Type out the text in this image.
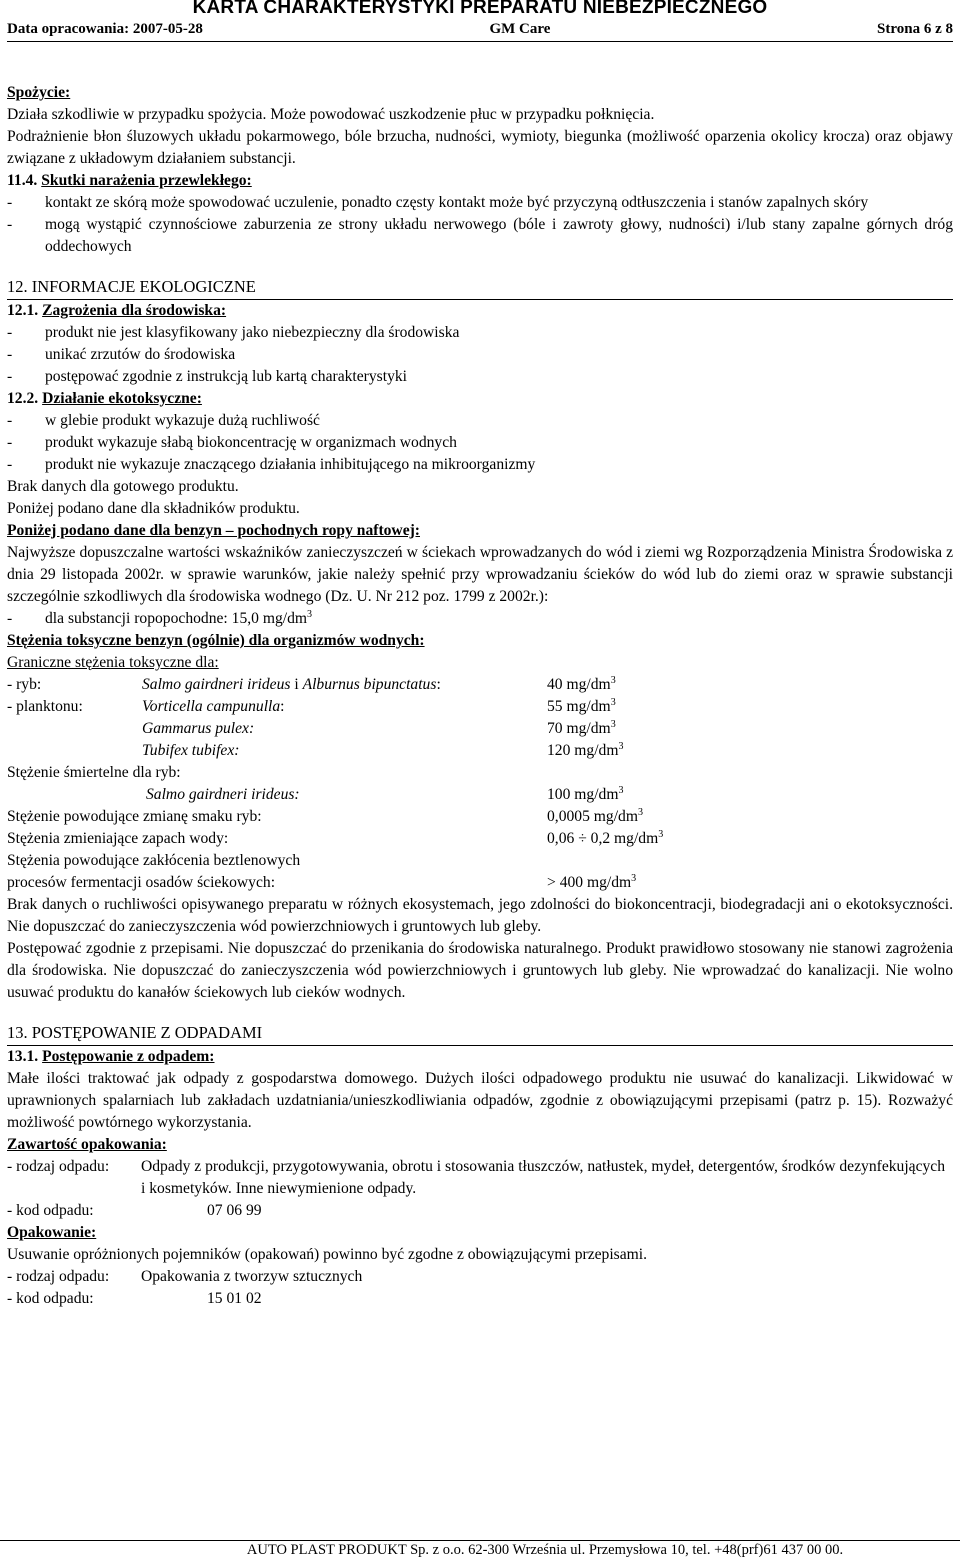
KARTA CHARAKTERYSTYKI PREPARATU NIEBEZPIECZNEGO
Data opracowania: 2007-05-28	GM Care	Strona 6 z 8

Spożycie:

Działa szkodliwie w przypadku spożycia. Może powodować uszkodzenie płuc w przypadku połknięcia.

Podrażnienie błon śluzowych układu pokarmowego, bóle brzucha, nudności, wymioty, biegunka (możliwość oparzenia okolicy krocza) oraz objawy związane z układowym działaniem substancji.

11.4. Skutki narażenia przewlekłego:

-	kontakt ze skórą może spowodować uczulenie, ponadto częsty kontakt może być przyczyną odtłuszczenia i stanów zapalnych skóry
-	mogą wystąpić czynnościowe zaburzenia ze strony układu nerwowego (bóle i zawroty głowy, nudności) i/lub stany zapalne górnych dróg oddechowych
12. INFORMACJE EKOLOGICZNE

12.1. Zagrożenia dla środowiska:

-	produkt nie jest klasyfikowany jako niebezpieczny dla środowiska
-	unikać zrzutów do środowiska
-	postępować zgodnie z instrukcją lub kartą charakterystyki

12.2. Działanie ekotoksyczne:

-	w glebie produkt wykazuje dużą ruchliwość
-	produkt wykazuje słabą biokoncentrację w organizmach wodnych
-	produkt nie wykazuje znaczącego działania inhibitującego na mikroorganizmy

Brak danych dla gotowego produktu.

Poniżej podano dane dla składników produktu.

Poniżej podano dane dla benzyn – pochodnych ropy naftowej:

Najwyższe dopuszczalne wartości wskaźników zanieczyszczeń w ściekach wprowadzanych do wód i ziemi wg Rozporządzenia Ministra Środowiska z dnia 29 listopada 2002r. w sprawie warunków, jakie należy spełnić przy wprowadzaniu ścieków do wód lub do ziemi oraz w sprawie substancji szczególnie szkodliwych dla środowiska wodnego (Dz. U. Nr 212 poz. 1799 z 2002r.):

-	dla substancji ropopochodne: 15,0 $mg/dm^3$

Stężenia toksyczne benzyn (ogólnie) dla organizmów wodnych:

Graniczne stężenia toksyczne dla:

- ryb:	Salmo gairdneri irideus i Alburnus bipunctatus:	40 $mg/dm^3$
- planktonu:	Vorticella campunulla:	55 $mg/dm^3$
Gammarus pulex:	70 $mg/dm^3$
Tubifex tubifex:	120 $mg/dm^3$

Stężenie śmiertelne dla ryb:

Salmo gairdneri irideus:	100 $mg/dm^3$
Stężenie powodujące zmianę smaku ryb:	0,0005 $mg/dm^3$
Stężenia zmieniające zapach wody:	0,06 ÷ 0,2 $mg/dm^3$

Stężenia powodujące zakłócenia beztlenowych

procesów fermentacji osadów ściekowych:	> 400 $mg/dm^3$

Brak danych o ruchliwości opisywanego preparatu w różnych ekosystemach, jego zdolności do biokoncentracji, biodegradacji ani o ekotoksyczności. Nie dopuszczać do zanieczyszczenia wód powierzchniowych i gruntowych lub gleby.

Postępować zgodnie z przepisami. Nie dopuszczać do przenikania do środowiska naturalnego. Produkt prawidłowo stosowany nie stanowi zagrożenia dla środowiska. Nie dopuszczać do zanieczyszczenia wód powierzchniowych i gruntowych lub gleby. Nie wprowadzać do kanalizacji. Nie wolno usuwać produktu do kanałów ściekowych lub cieków wodnych.

13. POSTĘPOWANIE Z ODPADAMI

13.1. Postępowanie z odpadem:

Małe ilości traktować jak odpady z gospodarstwa domowego. Dużych ilości odpadowego produktu nie usuwać do kanalizacji. Likwidować w uprawnionych spalarniach lub zakładach uzdatniania/unieszkodliwiania odpadów, zgodnie z obowiązującymi przepisami (patrz p. 15). Rozważyć możliwość powtórnego wykorzystania.

Zawartość opakowania:

- rodzaj odpadu:	Odpady z produkcji, przygotowywania, obrotu i stosowania tłuszczów, natłustek, mydeł, detergentów, środków dezynfekujących i kosmetyków. Inne niewymienione odpady.
- kod odpadu:	07 06 99

Opakowanie:

Usuwanie opróżnionych pojemników (opakowań) powinno być zgodne z obowiązującymi przepisami.

- rodzaj odpadu:	Opakowania z tworzyw sztucznych
- kod odpadu:	15 01 02
AUTO PLAST PRODUKT Sp. z o.o. 62-300 Września ul. Przemysłowa 10, tel. +48(prf)61 437 00 00.
